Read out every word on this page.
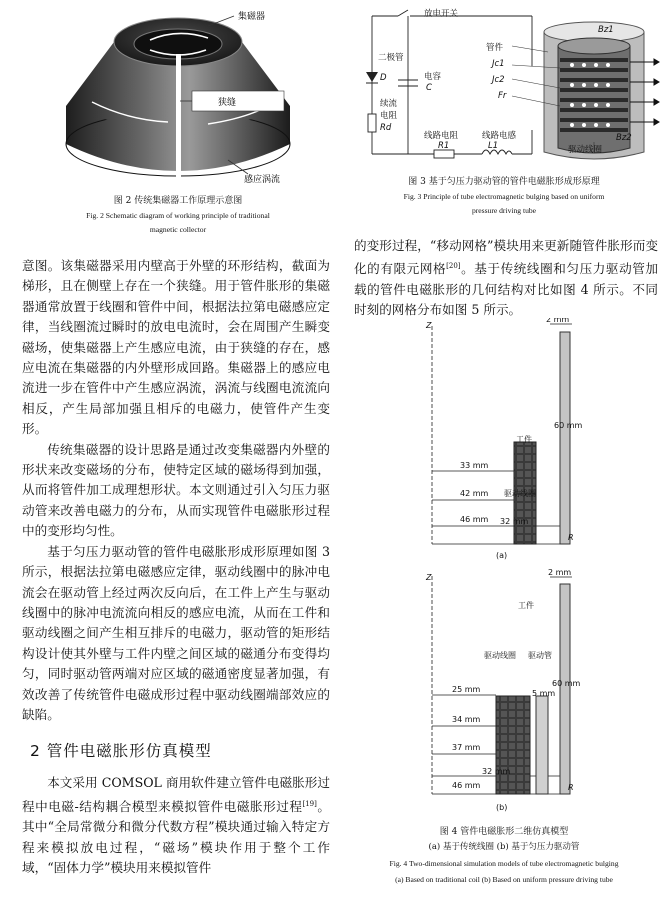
集磁器
狭缝
感应涡流
图 2 传统集磁器工作原理示意图
Fig. 2 Schematic diagram of working principle of traditional
magnetic collector
放电开关
二极管
D	电容
C
续流
电阻
Rd
线路电阻
R1
线路电感
L1
管件
Jc1
Jc2
Fr
Bz1
Bz2
驱动线圈
图 3 基于匀压力驱动管的管件电磁胀形成形原理
Fig. 3 Principle of tube electromagnetic bulging based on uniform
pressure driving tube

意图。该集磁器采用内壁高于外壁的环形结构，截面为梯形，且在侧壁上存在一个狭缝。用于管件胀形的集磁器通常放置于线圈和管件中间，根据法拉第电磁感应定律，当线圈流过瞬时的放电电流时，会在周围产生瞬变磁场，使集磁器上产生感应电流，由于狭缝的存在，感应电流在集磁器的内外壁形成回路。集磁器上的感应电流进一步在管件中产生感应涡流，涡流与线圈电流流向相反，产生局部加强且相斥的电磁力，使管件产生变形。

传统集磁器的设计思路是通过改变集磁器内外壁的形状来改变磁场的分布，使特定区域的磁场得到加强，从而将管件加工成理想形状。本文则通过引入匀压力驱动管来改善电磁力的分布，从而实现管件电磁胀形过程中的变形均匀性。

基于匀压力驱动管的管件电磁胀形成形原理如图 3 所示，根据法拉第电磁感应定律，驱动线圈中的脉冲电流会在驱动管上经过两次反向后，在工件上产生与驱动线圈中的脉冲电流流向相反的感应电流，从而在工件和驱动线圈之间产生相互排斥的电磁力，驱动管的矩形结构设计使其外壁与工件内壁之间区域的磁通分布变得均匀，同时驱动管两端对应区域的磁通密度显著加强，有效改善了传统管件电磁成形过程中驱动线圈端部效应的缺陷。

2 管件电磁胀形仿真模型

本文采用 COMSOL 商用软件建立管件电磁胀形过程中电磁-结构耦合模型来模拟管件电磁胀形过程[19]。其中“全局常微分和微分代数方程”模块通过输入特定方程来模拟放电过程，“磁场”模块作用于整个工作域，“固体力学”模块用来模拟管件

的变形过程，“移动网格”模块用来更新随管件胀形而变化的有限元网格[20]。基于传统线圈和匀压力驱动管加载的管件电磁胀形的几何结构对比如图 4 所示。不同时刻的网格分布如图 5 所示。

Z
R
工件
驱动线圈
2 mm
60 mm
32 mm
33 mm
42 mm
46 mm
(a)
Z
R
工件
驱动线圈 驱动管
2 mm
60 mm
32 mm
5 mm
25 mm
34 mm
37 mm
46 mm
(b)
图 4 管件电磁胀形二维仿真模型
(a) 基于传统线圈 (b) 基于匀压力驱动管
Fig. 4 Two-dimensional simulation models of tube electromagnetic bulging
(a) Based on traditional coil (b) Based on uniform pressure driving tube
